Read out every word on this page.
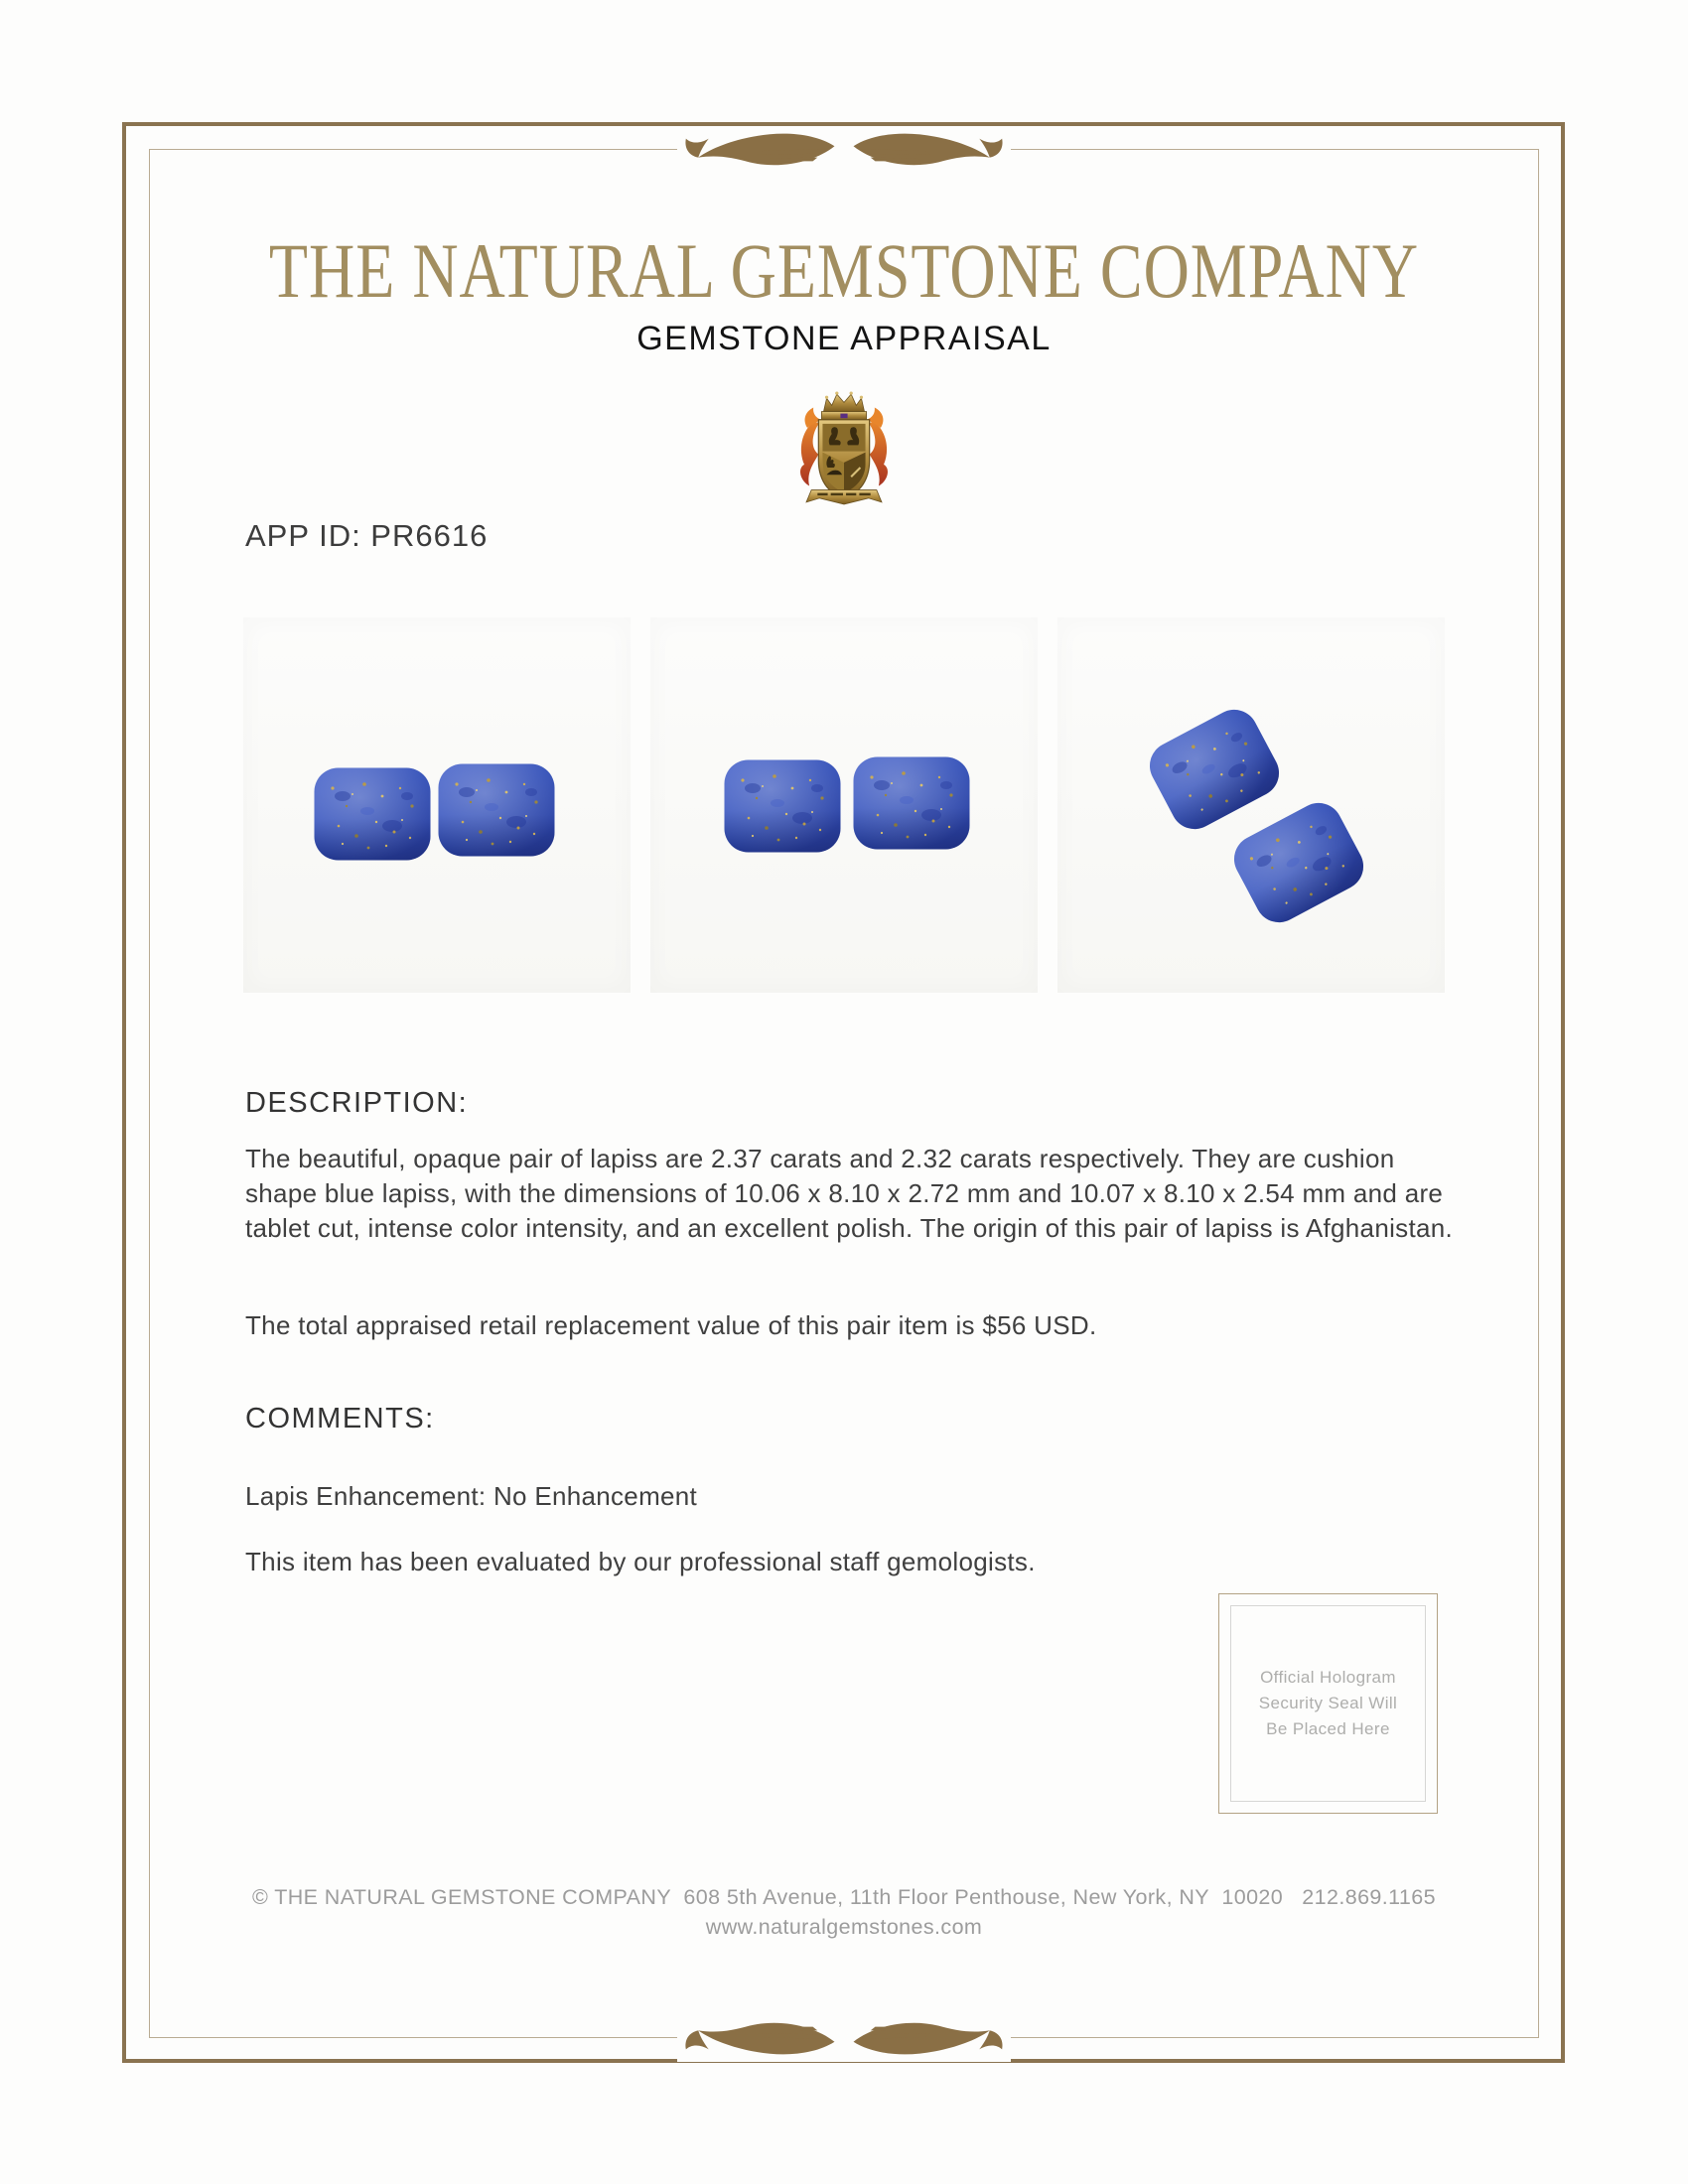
THE NATURAL GEMSTONE COMPANY
GEMSTONE APPRAISAL
APP ID: PR6616
DESCRIPTION:

The beautiful, opaque pair of lapiss are 2.37 carats and 2.32 carats respectively. They are cushion shape blue lapiss, with the dimensions of 10.06 x 8.10 x 2.72 mm and 10.07 x 8.10 x 2.54 mm and are tablet cut, intense color intensity, and an excellent polish. The origin of this pair of lapiss is Afghanistan.

The total appraised retail replacement value of this pair item is $56 USD.

COMMENTS:

Lapis Enhancement: No Enhancement

This item has been evaluated by our professional staff gemologists.

Official Hologram
Security Seal Will
Be Placed Here
© THE NATURAL GEMSTONE COMPANY  608 5th Avenue, 11th Floor Penthouse, New York, NY  10020   212.869.1165
www.naturalgemstones.com
